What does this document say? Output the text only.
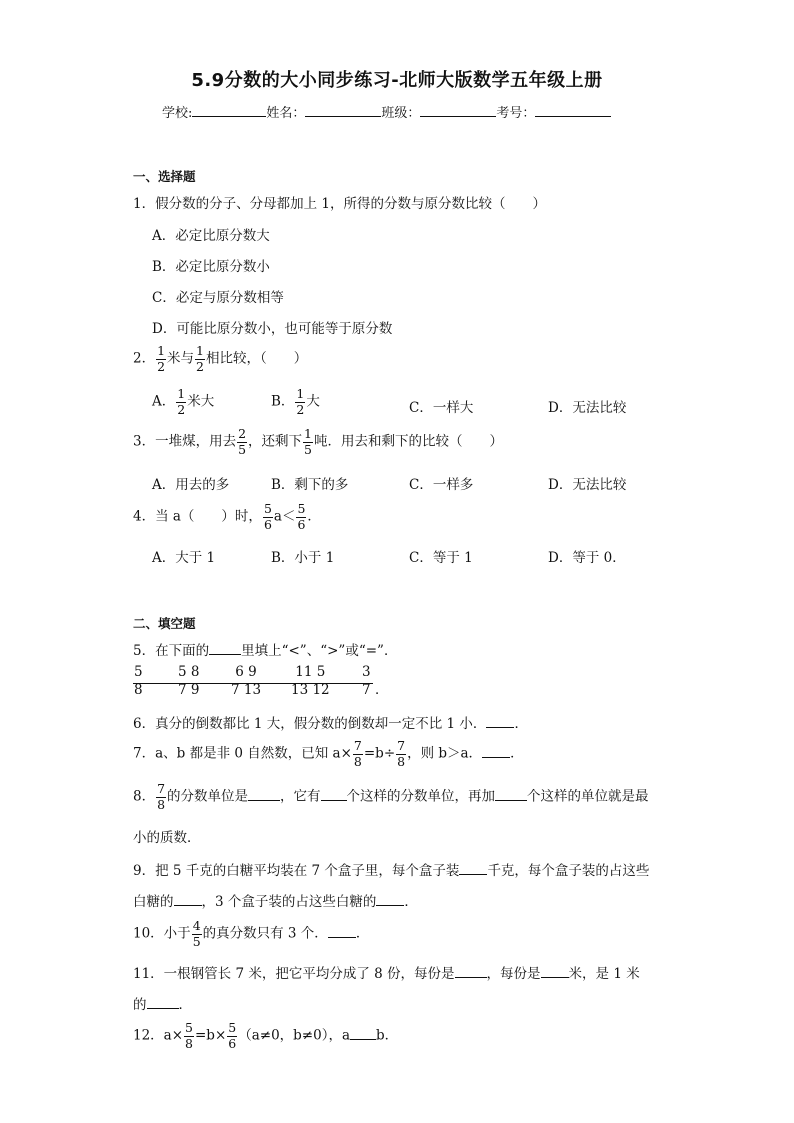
5.9分数的大小同步练习-北师大版数学五年级上册
学校:	姓名：	班级：	考号：
一、选择题
1．假分数的分子、分母都加上 1，所得的分数与原分数比较（　　）
A．必定比原分数大
B．必定比原分数小
C．必定与原分数相等
D．可能比原分数小，也可能等于原分数
2． $\frac{1}{2}$ 米与 $\frac{1}{2}$ 相比较，（　　）
A． $\frac{1}{2}$ 米大	B． $\frac{1}{2}$ 大	C．一样大	D．无法比较
3．一堆煤，用去 $\frac{2}{5}$ ，还剩下 $\frac{1}{5}$ 吨．用去和剩下的比较（　　）
A．用去的多	B．剩下的多	C．一样多	D．无法比较
4．当 a（　　）时， $\frac{5}{6} a< \frac{5}{6}$ ．
A．大于 1	B．小于 1	C．等于 1	D．等于 0．
二、填空题
5．在下面的 里填上“<”、“>”或“=”．
5
8
5 8
7 9
6 9
7 13
11 5
13 12
3
7 ．
6．真分的倒数都比 1 大，假分数的倒数却一定不比 1 小． ．
7．a、b 都是非 0 自然数，已知 $a\times \frac{7}{8} =b\div \frac{7}{8}$ ，则 b＞a． ．
8． $\frac{7}{8}$ 的分数单位是 ，它有 个这样的分数单位，再加 个这样的单位就是最
小的质数．
9．把 5 千克的白糖平均装在 7 个盒子里，每个盒子装 千克，每个盒子装的占这些
白糖的 ，3 个盒子装的占这些白糖的 ．
10．小于 $\frac{4}{5}$ 的真分数只有 3 个． ．
11．一根钢管长 7 米，把它平均分成了 8 份，每份是 ，每份是 米，是 1 米
的 ．
12．$a\times \frac{5}{8} =b\times \frac{5}{6} (a\ne 0$，b≠0），a b．
